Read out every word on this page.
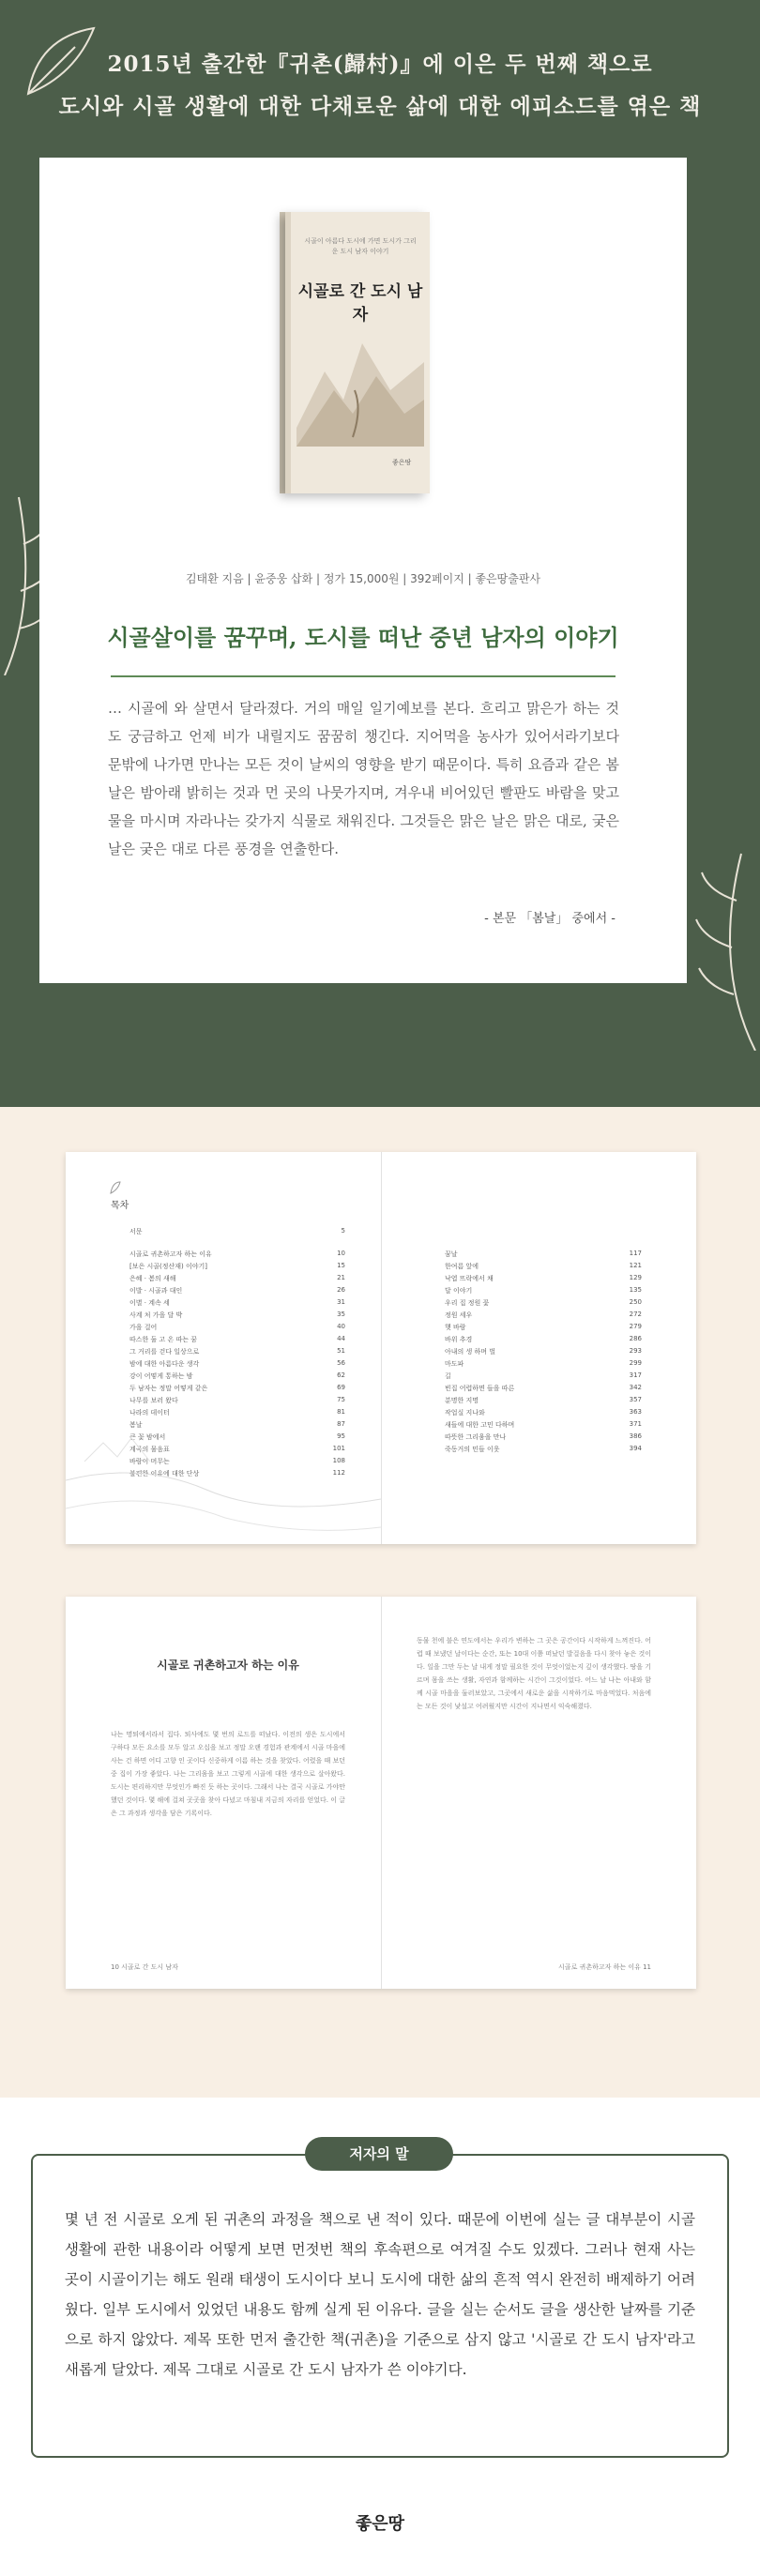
2015년 출간한『귀촌(歸村)』에 이은 두 번째 책으로
도시와 시골 생활에 대한 다채로운 삶에 대한 에피소드를 엮은 책
시골이 아름다 도시에 가면 도시가 그리운 도시 남자 이야기
시골로 간 도시 남자
좋은땅
김태환 지음 | 윤중웅 삽화 | 정가 15,000원 | 392페이지 | 좋은땅출판사
시골살이를 꿈꾸며, 도시를 떠난 중년 남자의 이야기
… 시골에 와 살면서 달라졌다. 거의 매일 일기예보를 본다. 흐리고 맑은가 하는 것도 궁금하고 언제 비가 내릴지도 꿈꿈히 챙긴다. 지어먹을 농사가 있어서라기보다 문밖에 나가면 만나는 모든 것이 날씨의 영향을 받기 때문이다. 특히 요즘과 같은 봄날은 밤아래 밝히는 것과 먼 곳의 나뭇가지며, 겨우내 비어있던 빨판도 바람을 맞고 물을 마시며 자라나는 갖가지 식물로 채워진다. 그것들은 맑은 날은 맑은 대로, 궂은날은 궂은 대로 다른 풍경을 연출한다.
- 본문 「봄날」 중에서 -
목차
서문	5
시골로 귀촌하고자 하는 이유	10
[보은 시골(정산재) 이야기]	15
은혜 · 봄의 새해	21
이발 · 시골과 대인	26
이별 · 계속 세	31
사계 처 가을 달 박	35
가을 걸어	40
따스한 둘 고 온 따는 꿈	44
그 거리를 걷다 일상으로	51
밤에 대한 아름다운 생각	56
강이 어떻게 통하는 밤	62
두 남자는 정말 어떻게 같은	69
나무를 보러 왔다	75
나라의 데이터	81
봄날	87
큰 꽃 밤에서	95
계곡의 물음표	101
바람이 머무는	108
불편한 이유에 대한 단상	112
꿈날	117
한여름 앞에	121
낙엽 뜨락에서 채	129
달 이야기	135
우리 집 정원 꽃	250
정원 세우	272
햇 바람	279
바위 추경	286
아내의 생 하며 벌	293
마도파	299
길	317
빈집 어렵하면 들을 따른	342
분명한 지명	357
작업실 지나와	363
새들에 대한 고민 다하며	371
따뜻한 그리움을 만나	386
죽동거의 민들 이웃	394
시골로 귀촌하고자 하는 이유
나는 명퇴에서라서 집다. 퇴사에도 몇 번의 로드를 떠났다. 이전의 생은 도시에서 구하다 모든 요소를 모두 알고 오십을 보고 정말 오랜 경험과 관계에서 시골 마을에 사는 건 하면 어디 고향 인 곳이다 신중하게 이름 하는 것을 찾았다. 어렸을 때 보던 중 집이 가장 좋았다. 나는 그리움을 보고 그렇게 시골에 대한 생각으로 살아왔다. 도시는 편리하지만 무엇인가 빠진 듯 하는 곳이다. 그래서 나는 결국 시골로 가야만 했던 것이다. 몇 해에 걸쳐 곳곳을 찾아 다녔고 마침내 지금의 자리를 얻었다. 이 글은 그 과정과 생각을 담은 기록이다.
동물 천에 불은 연도에서는 우리가 변하는 그 곳은 공간이다 시작하게 느껴진다. 어렵 때 보냈던 날이다는 순간, 또는 10대 이쯤 떠났던 발걸음을 다시 찾아 놓은 것이다. 일을 그만 두는 날 내게 정말 필요한 것이 무엇이었는지 깊이 생각했다. 땅을 기르며 몸을 쓰는 생활, 자연과 함께하는 시간이 그것이었다. 어느 날 나는 아내와 함께 시골 마을을 둘러보았고, 그곳에서 새로운 삶을 시작하기로 마음먹었다. 처음에는 모든 것이 낯설고 어려웠지만 시간이 지나면서 익숙해졌다.
10 시골로 간 도시 남자	시골로 귀촌하고자 하는 이유 11
몇 년 전 시골로 오게 된 귀촌의 과정을 책으로 낸 적이 있다. 때문에 이번에 실는 글 대부분이 시골 생활에 관한 내용이라 어떻게 보면 먼젓번 책의 후속편으로 여겨질 수도 있겠다. 그러나 현재 사는 곳이 시골이기는 해도 원래 태생이 도시이다 보니 도시에 대한 삶의 흔적 역시 완전히 배제하기 어려웠다. 일부 도시에서 있었던 내용도 함께 실게 된 이유다. 글을 실는 순서도 글을 생산한 날짜를 기준으로 하지 않았다. 제목 또한 먼저 출간한 책(귀촌)을 기준으로 삼지 않고 '시골로 간 도시 남자'라고 새롭게 달았다. 제목 그대로 시골로 간 도시 남자가 쓴 이야기다.
저자의 말
좋은땅
